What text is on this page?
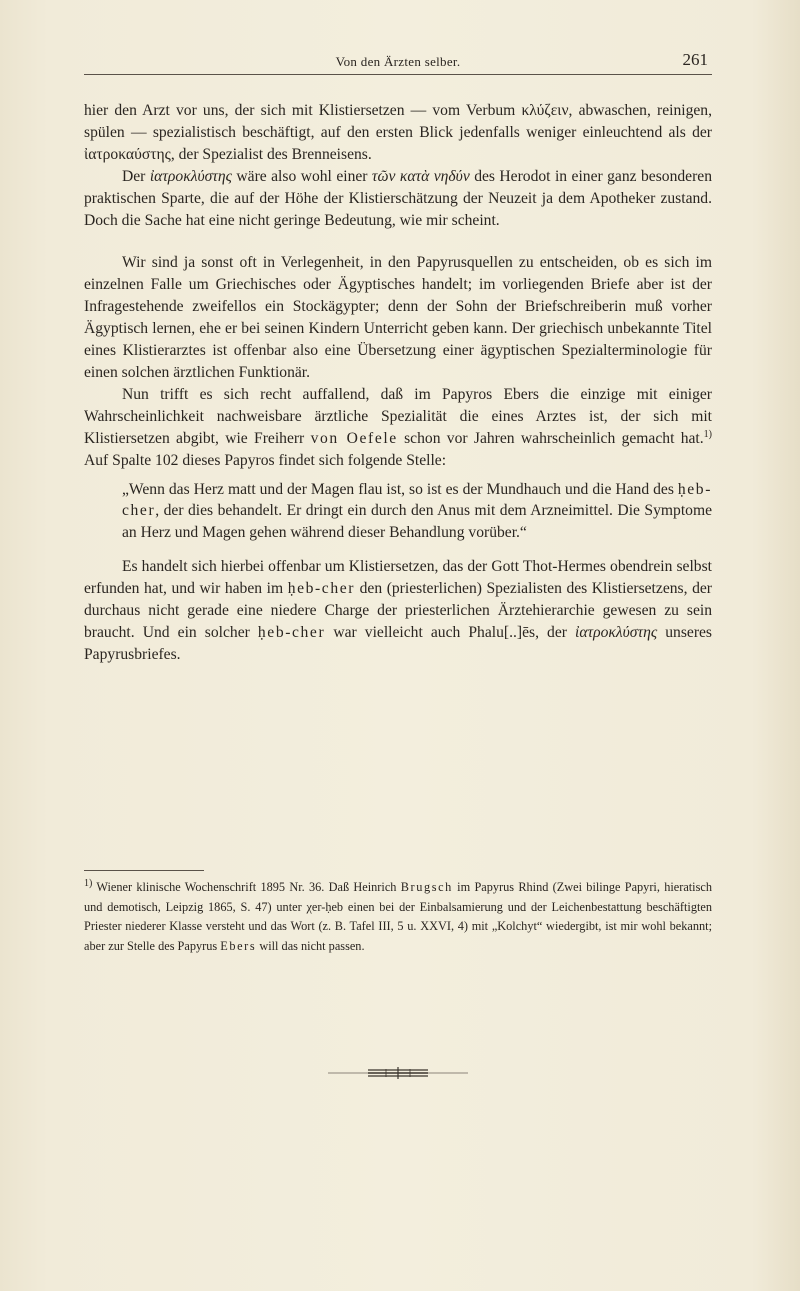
Von den Ärzten selber.	261

hier den Arzt vor uns, der sich mit Klistiersetzen — vom Verbum κλύζειν, abwaschen, reinigen, spülen — spezialistisch beschäftigt, auf den ersten Blick jedenfalls weniger einleuchtend als der ἰατροκαύστης, der Spezialist des Brenneisens.

Der ἰατροκλύστης wäre also wohl einer τῶν κατὰ νηδύν des Herodot in einer ganz besonderen praktischen Sparte, die auf der Höhe der Klistierschätzung der Neuzeit ja dem Apotheker zustand. Doch die Sache hat eine nicht geringe Bedeutung, wie mir scheint.

Wir sind ja sonst oft in Verlegenheit, in den Papyrusquellen zu entscheiden, ob es sich im einzelnen Falle um Griechisches oder Ägyptisches handelt; im vorliegenden Briefe aber ist der Infragestehende zweifellos ein Stockägypter; denn der Sohn der Briefschreiberin muß vorher Ägyptisch lernen, ehe er bei seinen Kindern Unterricht geben kann. Der griechisch unbekannte Titel eines Klistierarztes ist offenbar also eine Übersetzung einer ägyptischen Spezialterminologie für einen solchen ärztlichen Funktionär.

Nun trifft es sich recht auffallend, daß im Papyros Ebers die einzige mit einiger Wahrscheinlichkeit nachweisbare ärztliche Spezialität die eines Arztes ist, der sich mit Klistiersetzen abgibt, wie Freiherr von Oefele schon vor Jahren wahrscheinlich gemacht hat.$^{1)}$ Auf Spalte 102 dieses Papyros findet sich folgende Stelle:

„Wenn das Herz matt und der Magen flau ist, so ist es der Mundhauch und die Hand des ḥeb-cher, der dies behandelt. Er dringt ein durch den Anus mit dem Arzneimittel. Die Symptome an Herz und Magen gehen während dieser Behandlung vorüber.“

Es handelt sich hierbei offenbar um Klistiersetzen, das der Gott Thot-Hermes obendrein selbst erfunden hat, und wir haben im ḥeb-cher den (priesterlichen) Spezialisten des Klistiersetzens, der durchaus nicht gerade eine niedere Charge der priesterlichen Ärztehierarchie gewesen zu sein braucht. Und ein solcher ḥeb-cher war vielleicht auch Phalu[..]ēs, der ἰατροκλύστης unseres Papyrusbriefes.

$^{1)}$ Wiener klinische Wochenschrift 1895 Nr. 36. Daß Heinrich Brugsch im Papyrus Rhind (Zwei bilinge Papyri, hieratisch und demotisch, Leipzig 1865, S. 47) unter χer-ḥeb einen bei der Einbalsamierung und der Leichenbestattung beschäftigten Priester niederer Klasse versteht und das Wort (z. B. Tafel III, 5 u. XXVI, 4) mit „Kolchyt“ wiedergibt, ist mir wohl bekannt; aber zur Stelle des Papyrus Ebers will das nicht passen.
